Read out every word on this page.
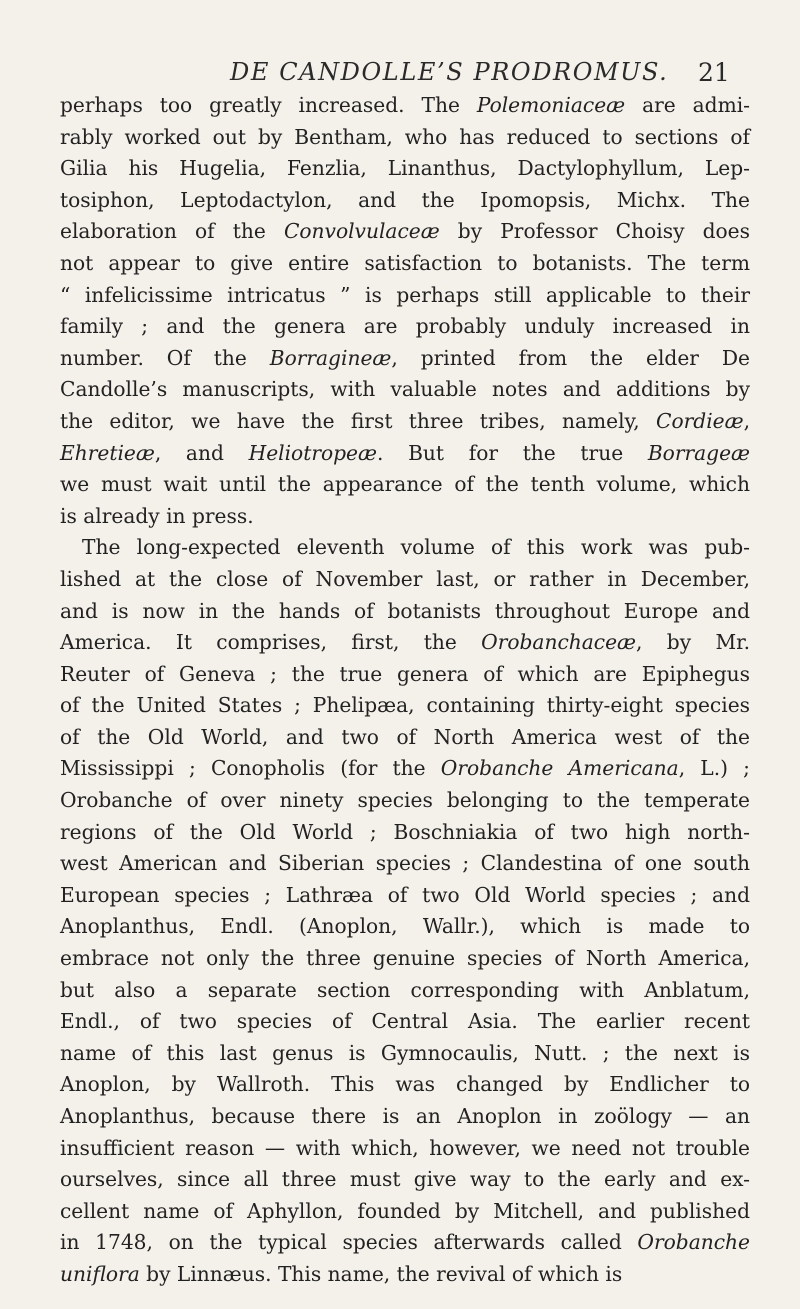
DE CANDOLLE’S PRODROMUS. 21
perhaps too greatly increased. The Polemoniaceæ are admi-
rably worked out by Bentham, who has reduced to sections of
Gilia his Hugelia, Fenzlia, Linanthus, Dactylophyllum, Lep-
tosiphon, Leptodactylon, and the Ipomopsis, Michx. The
elaboration of the Convolvulaceæ by Professor Choisy does
not appear to give entire satisfaction to botanists. The term
“ infelicissime intricatus ” is perhaps still applicable to their
family ; and the genera are probably unduly increased in
number. Of the Borragineæ, printed from the elder De
Candolle’s manuscripts, with valuable notes and additions by
the editor, we have the first three tribes, namely, Cordieæ,
Ehretieæ, and Heliotropeæ. But for the true Borrageæ
we must wait until the appearance of the tenth volume, which
is already in press.
The long-expected eleventh volume of this work was pub-
lished at the close of November last, or rather in December,
and is now in the hands of botanists throughout Europe and
America. It comprises, first, the Orobanchaceæ, by Mr.
Reuter of Geneva ; the true genera of which are Epiphegus
of the United States ; Phelipæa, containing thirty-eight species
of the Old World, and two of North America west of the
Mississippi ; Conopholis (for the Orobanche Americana, L.) ;
Orobanche of over ninety species belonging to the temperate
regions of the Old World ; Boschniakia of two high north-
west American and Siberian species ; Clandestina of one south
European species ; Lathræa of two Old World species ; and
Anoplanthus, Endl. (Anoplon, Wallr.), which is made to
embrace not only the three genuine species of North America,
but also a separate section corresponding with Anblatum,
Endl., of two species of Central Asia. The earlier recent
name of this last genus is Gymnocaulis, Nutt. ; the next is
Anoplon, by Wallroth. This was changed by Endlicher to
Anoplanthus, because there is an Anoplon in zoölogy — an
insufficient reason — with which, however, we need not trouble
ourselves, since all three must give way to the early and ex-
cellent name of Aphyllon, founded by Mitchell, and published
in 1748, on the typical species afterwards called Orobanche
uniflora by Linnæus. This name, the revival of which is
